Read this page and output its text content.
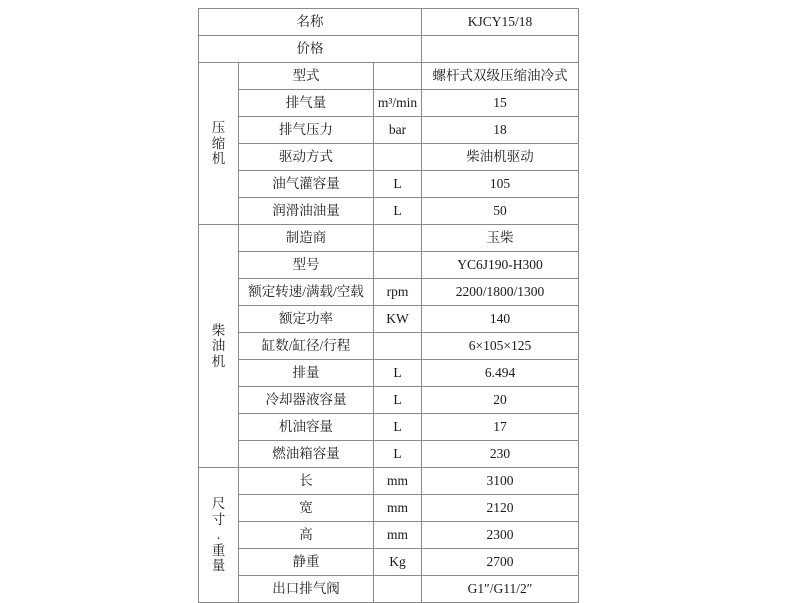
名称			KJCY15/18
价格			

压
缩
机	型式		螺杆式双级压缩油冷式
	排气量	m³/min	15
	排气压力	bar	18
	驱动方式		柴油机驱动
	油气灌容量	L	105
	润滑油油量	L	50

柴
油
机	制造商		玉柴
	型号		YC6J190-H300
	额定转速/满载/空载	rpm	2200/1800/1300
	额定功率	KW	140
	缸数/缸径/行程		6×105×125
	排量	L	6.494
	冷却器液容量	L	20
	机油容量	L	17
	燃油箱容量	L	230

尺
寸
.
重
量	长	mm	3100
	宽	mm	2120
	高	mm	2300
	静重	Kg	2700
	出口排气阀		G1″/G11/2″
